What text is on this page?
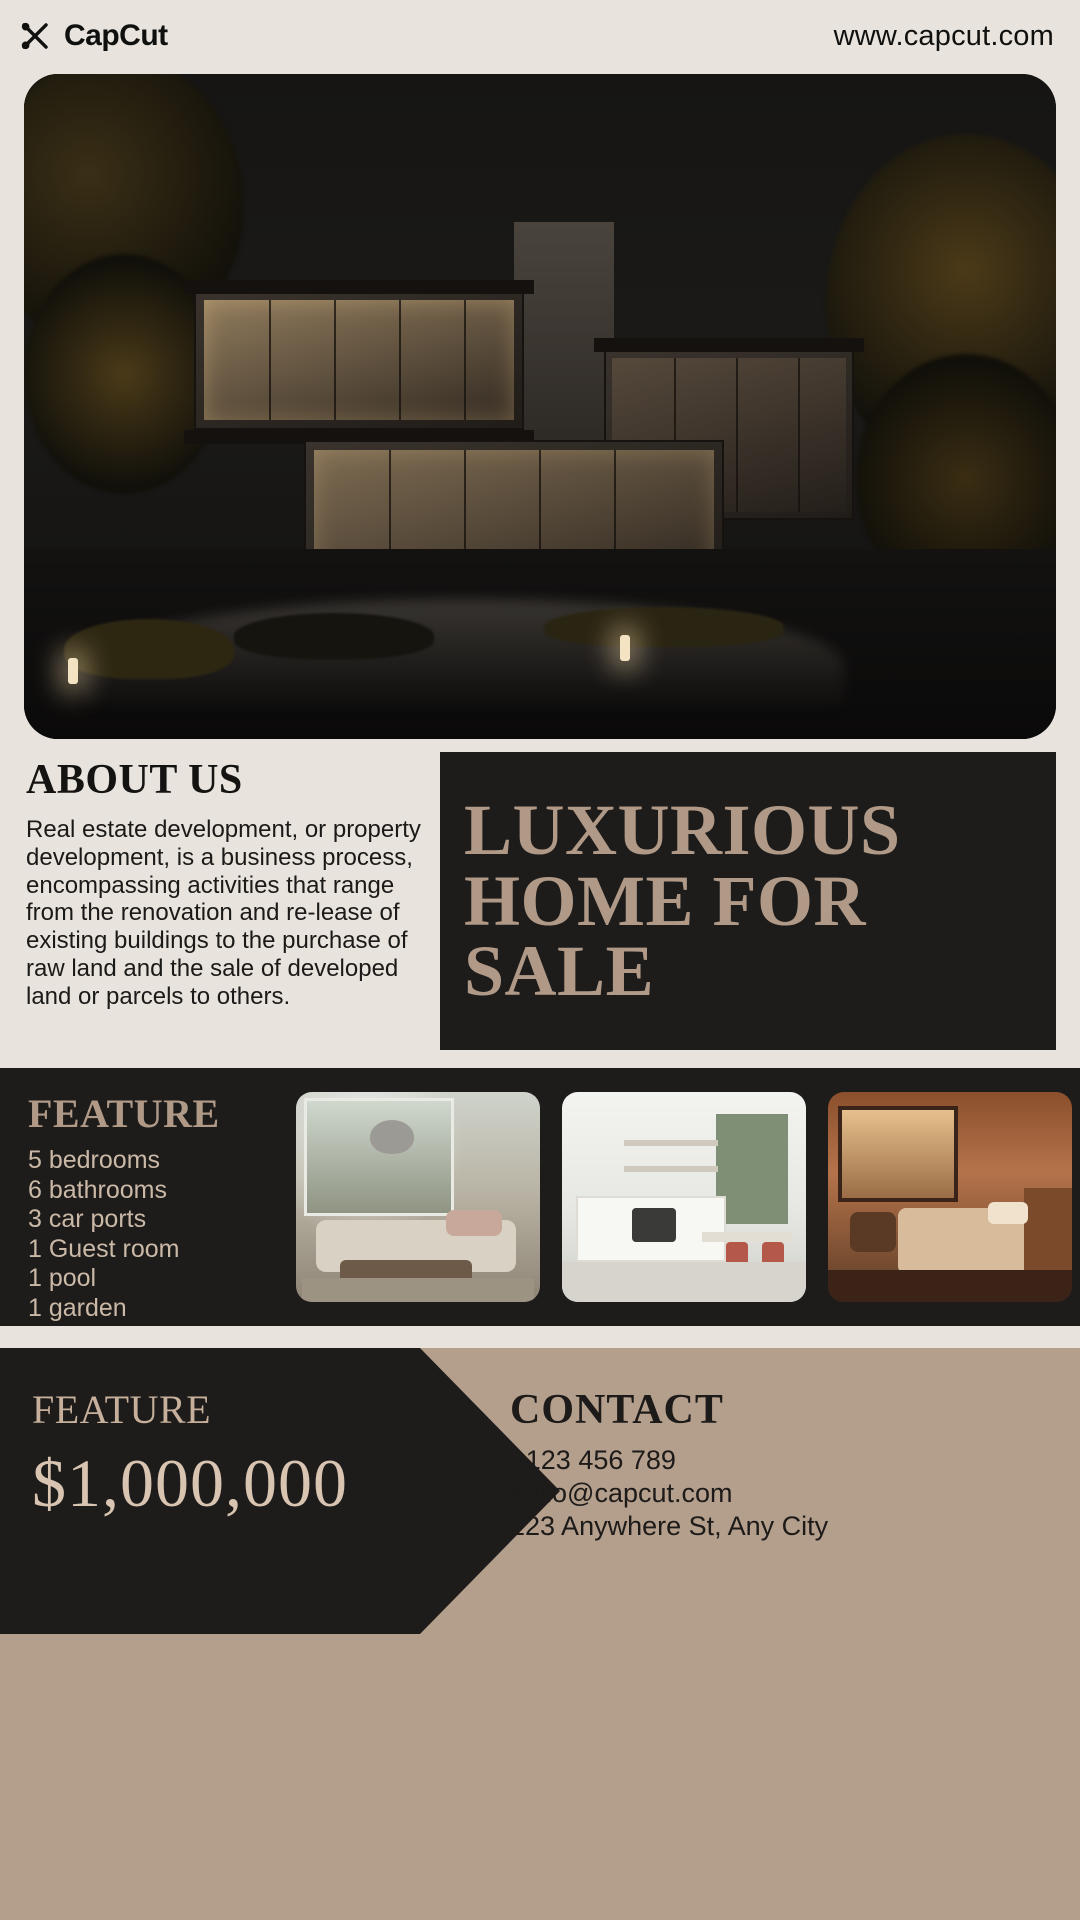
CapCut	www.capcut.com
ABOUT US

Real estate development, or property development, is a business process, encompassing activities that range from the renovation and re-lease of existing buildings to the purchase of raw land and the sale of developed land or parcels to others.

LUXURIOUS HOME FOR SALE
FEATURE
5 bedrooms
6 bathrooms
3 car ports
1 Guest room
1 pool
1 garden
FEATURE
$1,000,000
CONTACT

+123 456 789

hello@capcut.com

123 Anywhere St, Any City
